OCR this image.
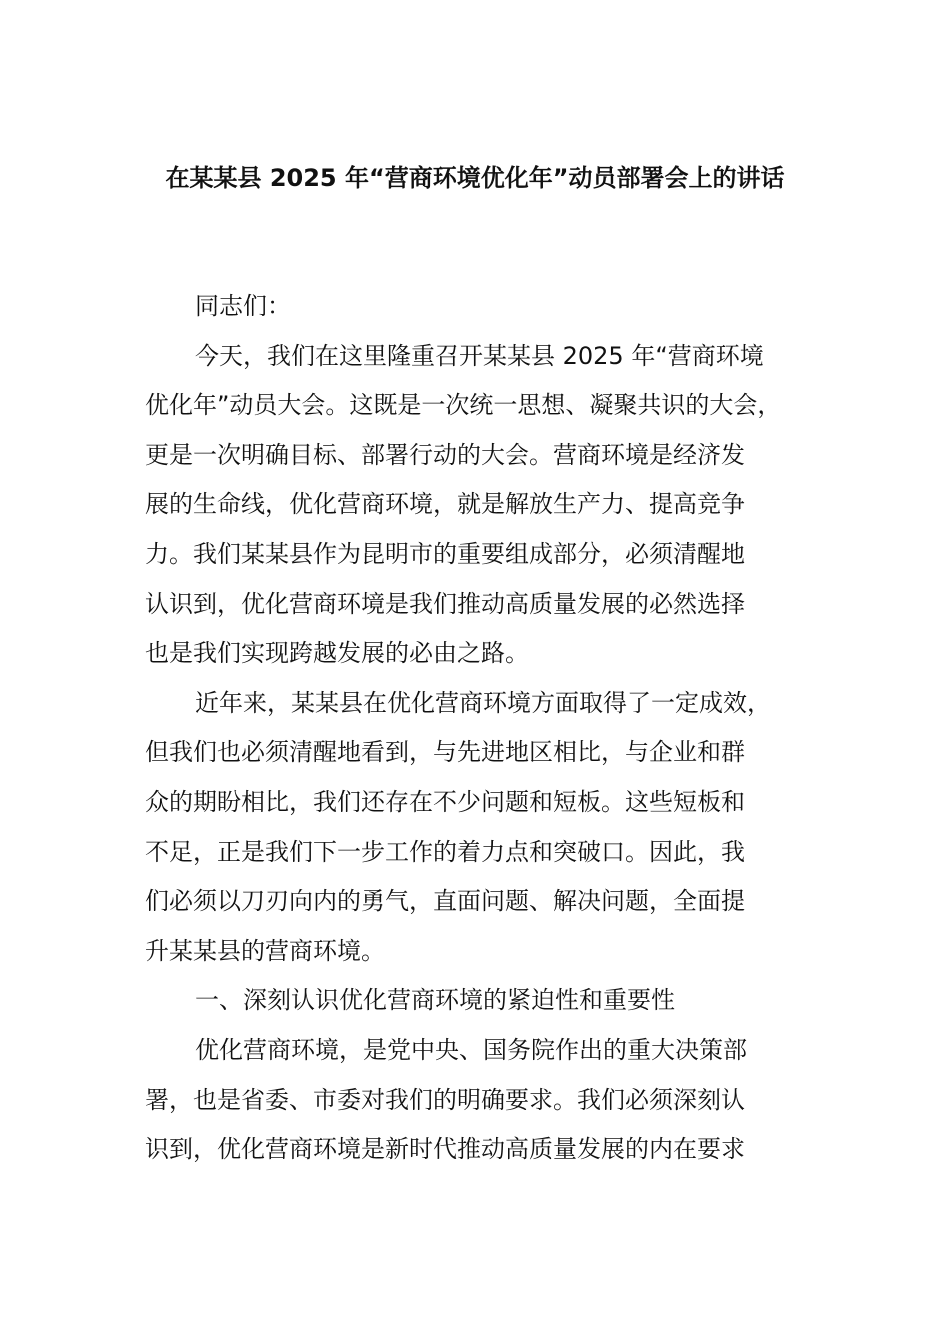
在某某县 2025 年“营商环境优化年”动员部署会上的讲话
同志们：
今天，我们在这里隆重召开某某县 2025 年“营商环境
优化年”动员大会。这既是一次统一思想、凝聚共识的大会，
更是一次明确目标、部署行动的大会。营商环境是经济发
展的生命线，优化营商环境，就是解放生产力、提高竞争
力。我们某某县作为昆明市的重要组成部分，必须清醒地
认识到，优化营商环境是我们推动高质量发展的必然选择
也是我们实现跨越发展的必由之路。
近年来，某某县在优化营商环境方面取得了一定成效，
但我们也必须清醒地看到，与先进地区相比，与企业和群
众的期盼相比，我们还存在不少问题和短板。这些短板和
不足，正是我们下一步工作的着力点和突破口。因此，我
们必须以刀刃向内的勇气，直面问题、解决问题，全面提
升某某县的营商环境。
一、深刻认识优化营商环境的紧迫性和重要性
优化营商环境，是党中央、国务院作出的重大决策部
署，也是省委、市委对我们的明确要求。我们必须深刻认
识到，优化营商环境是新时代推动高质量发展的内在要求
